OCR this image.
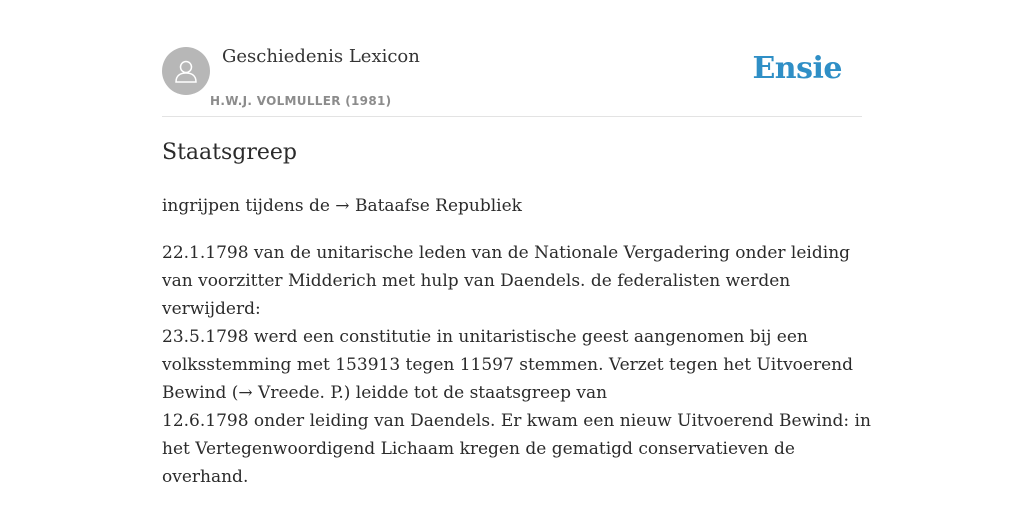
Geschiedenis Lexicon
H.W.J. VOLMULLER (1981)
Ensie
Staatsgreep

ingrijpen tijdens de → Bataafse Republiek

22.1.1798 van de unitarische leden van de Nationale Vergadering onder leiding
van voorzitter Midderich met hulp van Daendels. de federalisten werden
verwijderd:
23.5.1798 werd een constitutie in unitaristische geest aangenomen bij een
volksstemming met 153913 tegen 11597 stemmen. Verzet tegen het Uitvoerend
Bewind (→ Vreede. P.) leidde tot de staatsgreep van
12.6.1798 onder leiding van Daendels. Er kwam een nieuw Uitvoerend Bewind: in
het Vertegenwoordigend Lichaam kregen de gematigd conservatieven de
overhand.
